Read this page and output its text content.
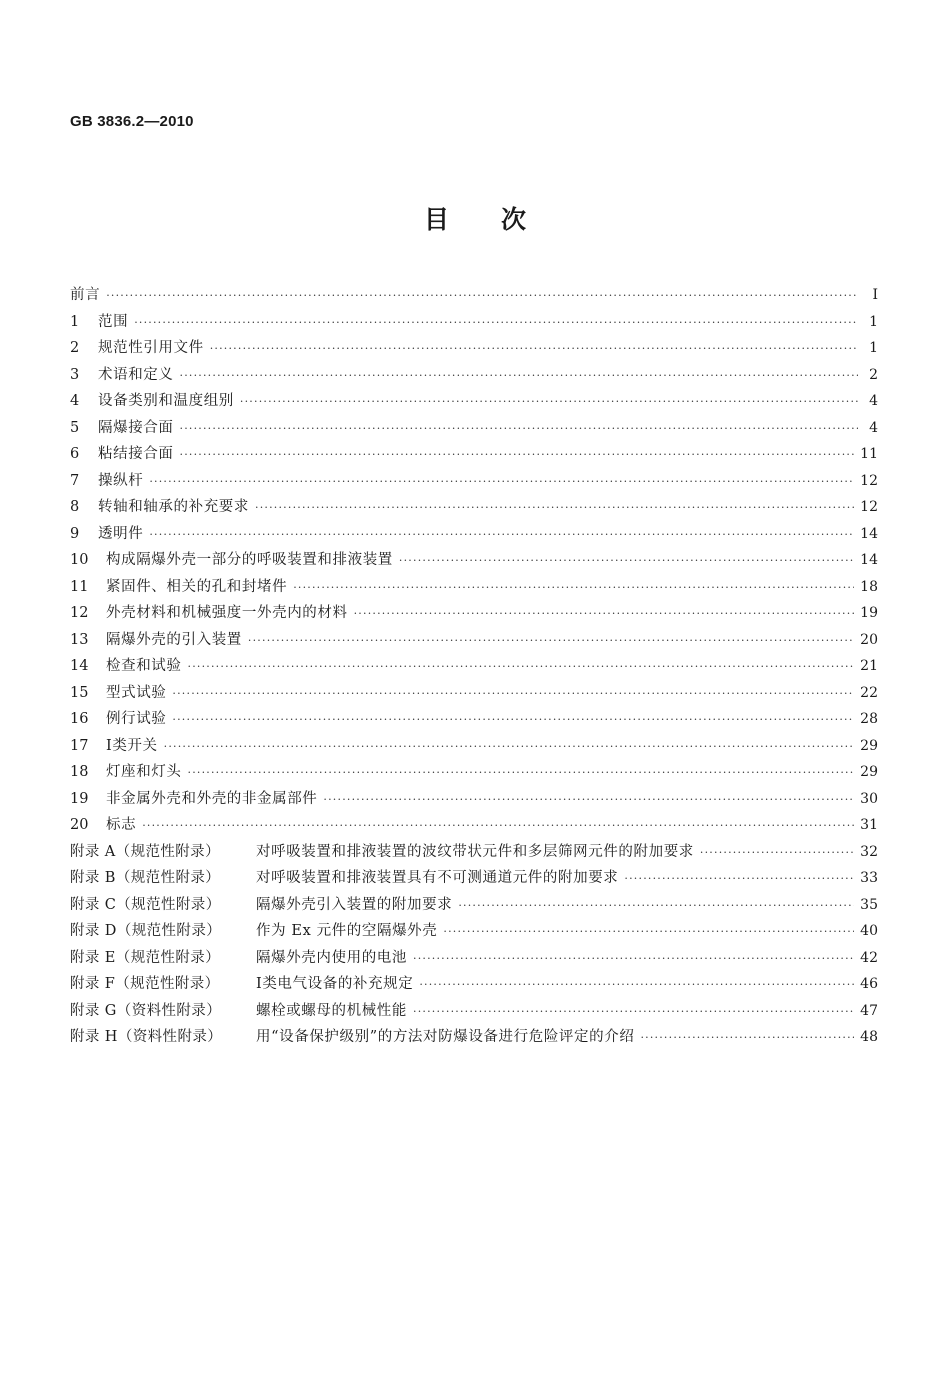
GB 3836.2—2010
目次
前言 ·····	Ⅰ
1	范围 ·····	1
2	规范性引用文件 ·····	1
3	术语和定义 ·····	2
4	设备类别和温度组别 ·····	4
5	隔爆接合面 ·····	4
6	粘结接合面 ·····	11
7	操纵杆 ·····	12
8	转轴和轴承的补充要求 ·····	12
9	透明件 ·····	14
10	构成隔爆外壳一部分的呼吸装置和排液装置 ·····	14
11	紧固件、相关的孔和封堵件 ·····	18
12	外壳材料和机械强度一外壳内的材料 ·····	19
13	隔爆外壳的引入装置 ·····	20
14	检查和试验 ·····	21
15	型式试验 ·····	22
16	例行试验 ·····	28
17	Ⅰ类开关 ·····	29
18	灯座和灯头 ·····	29
19	非金属外壳和外壳的非金属部件 ·····	30
20	标志 ·····	31
附录 A（规范性附录）	对呼吸装置和排液装置的波纹带状元件和多层筛网元件的附加要求 ·····	32
附录 B（规范性附录）	对呼吸装置和排液装置具有不可测通道元件的附加要求 ·····	33
附录 C（规范性附录）	隔爆外壳引入装置的附加要求 ·····	35
附录 D（规范性附录）	作为 Ex 元件的空隔爆外壳 ·····	40
附录 E（规范性附录）	隔爆外壳内使用的电池 ·····	42
附录 F（规范性附录）	Ⅰ类电气设备的补充规定 ·····	46
附录 G（资料性附录）	螺栓或螺母的机械性能 ·····	47
附录 H（资料性附录）	用“设备保护级别”的方法对防爆设备进行危险评定的介绍 ·····	48
